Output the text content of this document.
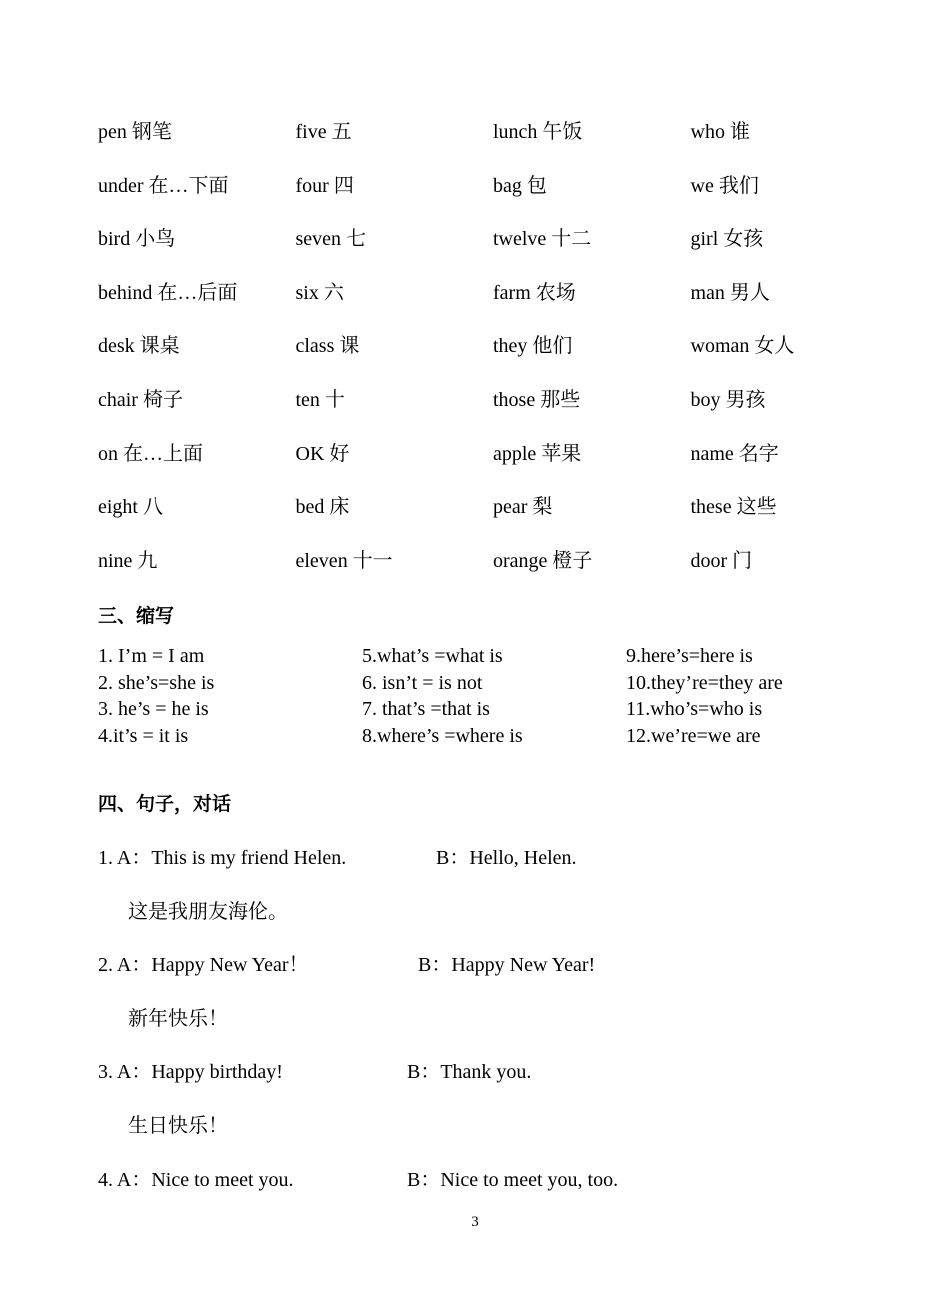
pen 钢笔	five 五	lunch 午饭	who 谁
under 在…下面	four 四	bag 包	we 我们
bird 小鸟	seven 七	twelve 十二	girl 女孩
behind 在…后面	six 六	farm 农场	man 男人
desk 课桌	class 课	they 他们	woman 女人
chair 椅子	ten 十	those 那些	boy 男孩
on 在…上面	OK 好	apple 苹果	name 名字
eight 八	bed 床	pear 梨	these 这些
nine 九	eleven 十一	orange 橙子	door 门
三、缩写
1. I’m = I am	5.what’s =what is	9.here’s=here is
2. she’s=she is	6. isn’t = is not	10.they’re=they are
3. he’s = he is	7. that’s =that is	11.who’s=who is
4.it’s = it is	8.where’s =where is	12.we’re=we are
四、句子，对话
1. A：This is my friend Helen.	B：Hello, Helen.
这是我朋友海伦。
2. A：Happy New Year！	B：Happy New Year!
新年快乐！
3. A：Happy birthday!	B：Thank you.
生日快乐！
4. A：Nice to meet you.	B：Nice to meet you, too.
3
